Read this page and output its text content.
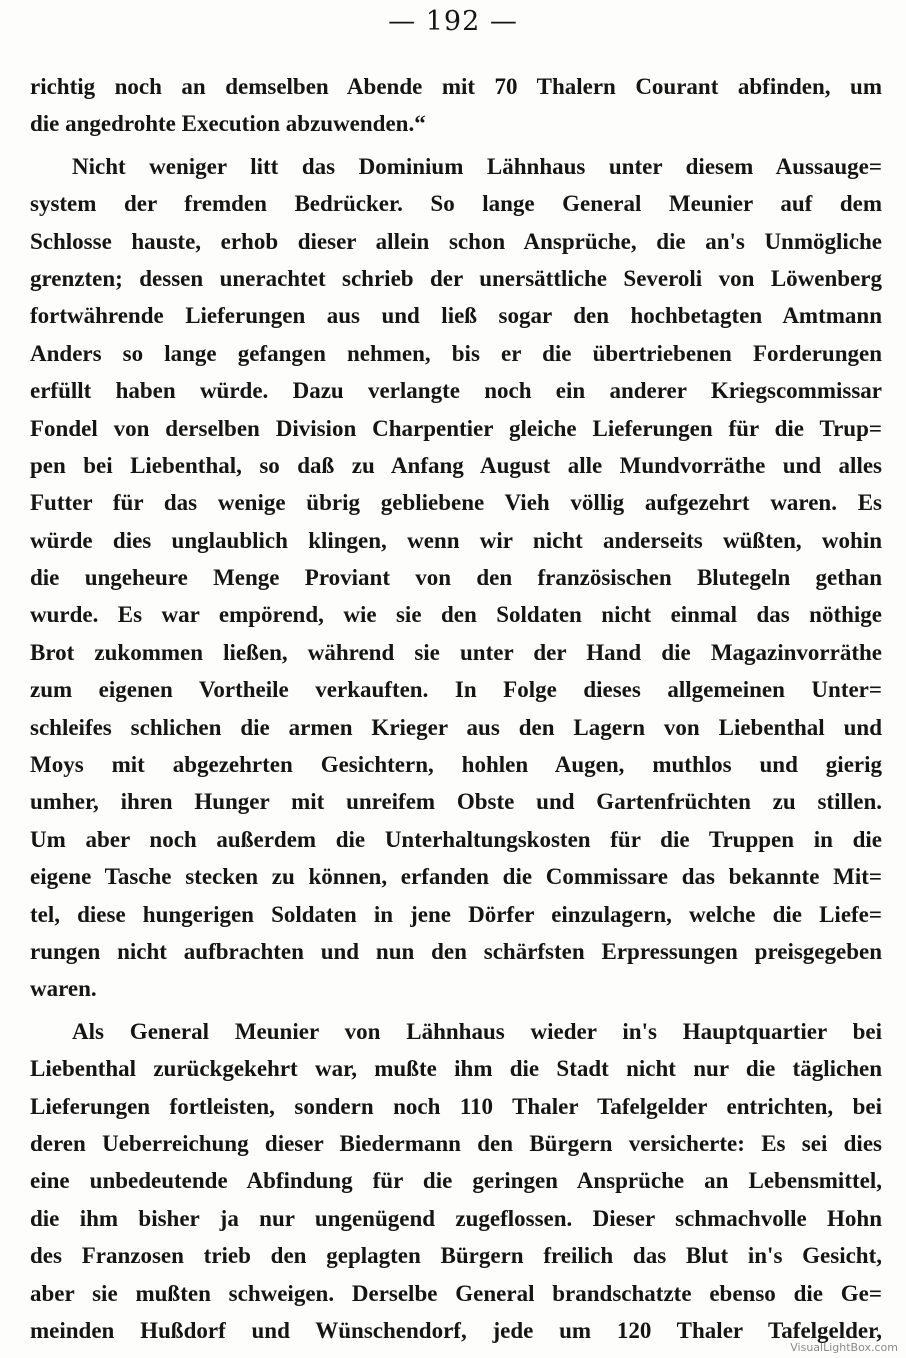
— 192 —
richtig noch an demselben Abende mit 70 Thalern Courant abfinden, um
die angedrohte Execution abzuwenden.“
Nicht weniger litt das Dominium Lähnhaus unter diesem Aussauge=
system der fremden Bedrücker. So lange General Meunier auf dem
Schlosse hauste, erhob dieser allein schon Ansprüche, die an's Unmögliche
grenzten; dessen unerachtet schrieb der unersättliche Severoli von Löwenberg
fortwährende Lieferungen aus und ließ sogar den hochbetagten Amtmann
Anders so lange gefangen nehmen, bis er die übertriebenen Forderungen
erfüllt haben würde. Dazu verlangte noch ein anderer Kriegscommissar
Fondel von derselben Division Charpentier gleiche Lieferungen für die Trup=
pen bei Liebenthal, so daß zu Anfang August alle Mundvorräthe und alles
Futter für das wenige übrig gebliebene Vieh völlig aufgezehrt waren. Es
würde dies unglaublich klingen, wenn wir nicht anderseits wüßten, wohin
die ungeheure Menge Proviant von den französischen Blutegeln gethan
wurde. Es war empörend, wie sie den Soldaten nicht einmal das nöthige
Brot zukommen ließen, während sie unter der Hand die Magazinvorräthe
zum eigenen Vortheile verkauften. In Folge dieses allgemeinen Unter=
schleifes schlichen die armen Krieger aus den Lagern von Liebenthal und
Moys mit abgezehrten Gesichtern, hohlen Augen, muthlos und gierig
umher, ihren Hunger mit unreifem Obste und Gartenfrüchten zu stillen.
Um aber noch außerdem die Unterhaltungskosten für die Truppen in die
eigene Tasche stecken zu können, erfanden die Commissare das bekannte Mit=
tel, diese hungerigen Soldaten in jene Dörfer einzulagern, welche die Liefe=
rungen nicht aufbrachten und nun den schärfsten Erpressungen preisgegeben
waren.
Als General Meunier von Lähnhaus wieder in's Hauptquartier bei
Liebenthal zurückgekehrt war, mußte ihm die Stadt nicht nur die täglichen
Lieferungen fortleisten, sondern noch 110 Thaler Tafelgelder entrichten, bei
deren Ueberreichung dieser Biedermann den Bürgern versicherte: Es sei dies
eine unbedeutende Abfindung für die geringen Ansprüche an Lebensmittel,
die ihm bisher ja nur ungenügend zugeflossen. Dieser schmachvolle Hohn
des Franzosen trieb den geplagten Bürgern freilich das Blut in's Gesicht,
aber sie mußten schweigen. Derselbe General brandschatzte ebenso die Ge=
meinden Hußdorf und Wünschendorf, jede um 120 Thaler Tafelgelder,
VisualLightBox.com
